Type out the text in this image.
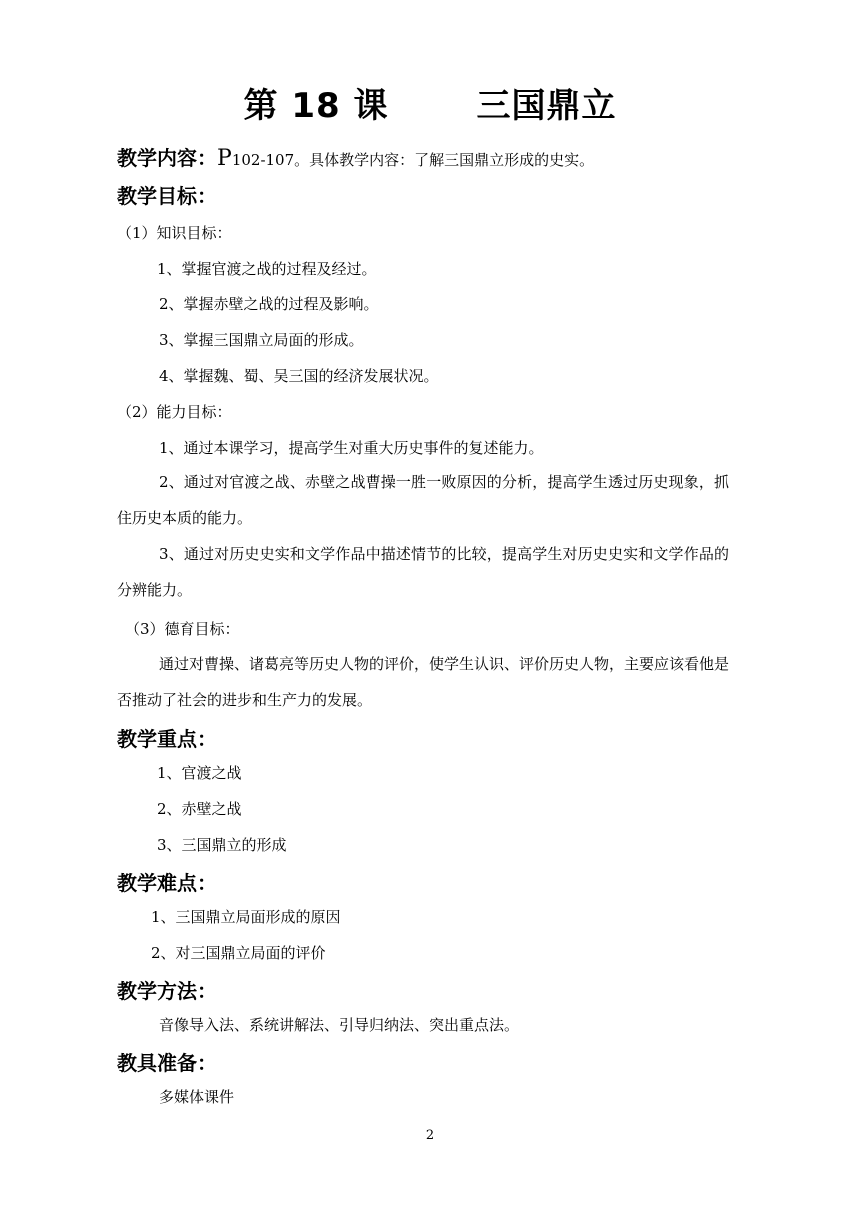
第 18 课	三国鼎立
教学内容：P102-107。具体教学内容：了解三国鼎立形成的史实。
教学目标：
（1）知识目标：
1、掌握官渡之战的过程及经过。
2、掌握赤壁之战的过程及影响。
3、掌握三国鼎立局面的形成。
4、掌握魏、蜀、吴三国的经济发展状况。
（2）能力目标：
1、通过本课学习，提高学生对重大历史事件的复述能力。
2、通过对官渡之战、赤壁之战曹操一胜一败原因的分析，提高学生透过历史现象，抓住历史本质的能力。
3、通过对历史史实和文学作品中描述情节的比较，提高学生对历史史实和文学作品的分辨能力。
（3）德育目标：
通过对曹操、诸葛亮等历史人物的评价，使学生认识、评价历史人物，主要应该看他是否推动了社会的进步和生产力的发展。
教学重点：
1、官渡之战
2、赤壁之战
3、三国鼎立的形成
教学难点：
1、三国鼎立局面形成的原因
2、对三国鼎立局面的评价
教学方法：
音像导入法、系统讲解法、引导归纳法、突出重点法。
教具准备：
多媒体课件
2
